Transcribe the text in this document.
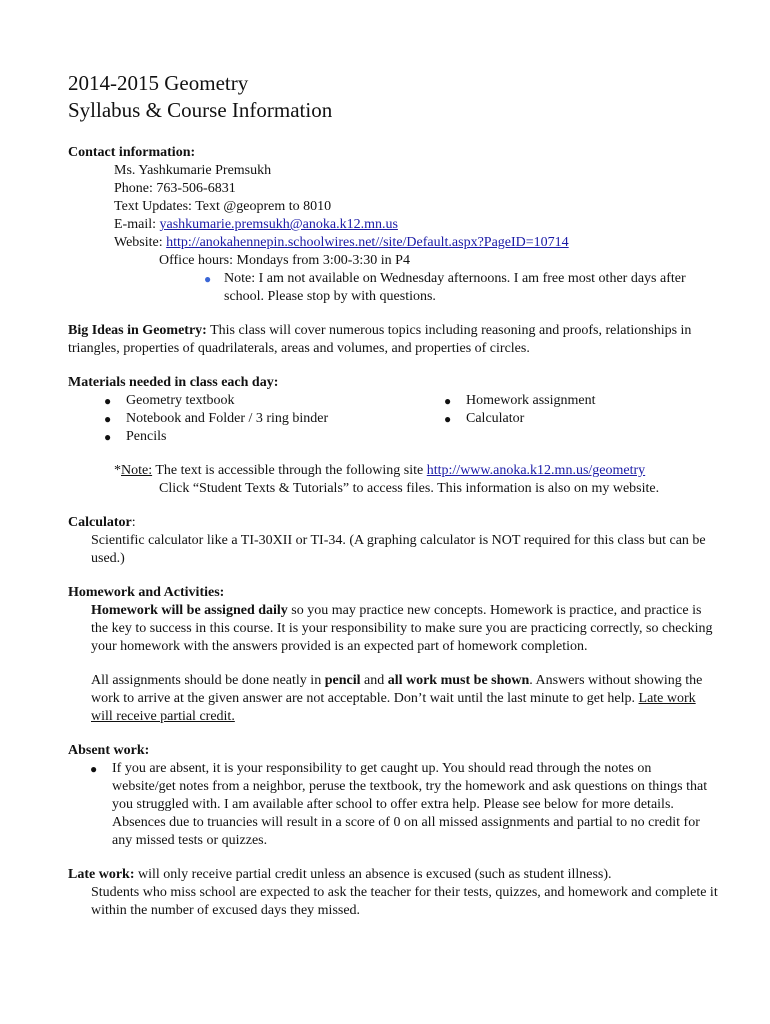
2014-2015 Geometry
Syllabus & Course Information

Contact information:

Ms. Yashkumarie Premsukh

Phone: 763-506-6831

Text Updates: Text @geoprem to 8010

E-mail: yashkumarie.premsukh@anoka.k12.mn.us

Website: http://anokahennepin.schoolwires.net//site/Default.aspx?PageID=10714

Office hours: Mondays from 3:00-3:30 in P4

● Note: I am not available on Wednesday afternoons. I am free most other days after school. Please stop by with questions.

Big Ideas in Geometry: This class will cover numerous topics including reasoning and proofs, relationships in triangles, properties of quadrilaterals, areas and volumes, and properties of circles.

Materials needed in class each day:

●	Geometry textbook
●	Notebook and Folder / 3 ring binder
●	Pencils
●	Homework assignment
●	Calculator

*Note: The text is accessible through the following site http://www.anoka.k12.mn.us/geometry

Click “Student Texts & Tutorials” to access files. This information is also on my website.

Calculator:

Scientific calculator like a TI-30XII or TI-34. (A graphing calculator is NOT required for this class but can be used.)

Homework and Activities:

Homework will be assigned daily so you may practice new concepts. Homework is practice, and practice is the key to success in this course. It is your responsibility to make sure you are practicing correctly, so checking your homework with the answers provided is an expected part of homework completion.

All assignments should be done neatly in pencil and all work must be shown. Answers without showing the work to arrive at the given answer are not acceptable. Don’t wait until the last minute to get help. Late work will receive partial credit.

Absent work:

●	If you are absent, it is your responsibility to get caught up. You should read through the notes on website/get notes from a neighbor, peruse the textbook, try the homework and ask questions on things that you struggled with. I am available after school to offer extra help. Please see below for more details. Absences due to truancies will result in a score of 0 on all missed assignments and partial to no credit for any missed tests or quizzes.

Late work: will only receive partial credit unless an absence is excused (such as student illness).

Students who miss school are expected to ask the teacher for their tests, quizzes, and homework and complete it within the number of excused days they missed.
